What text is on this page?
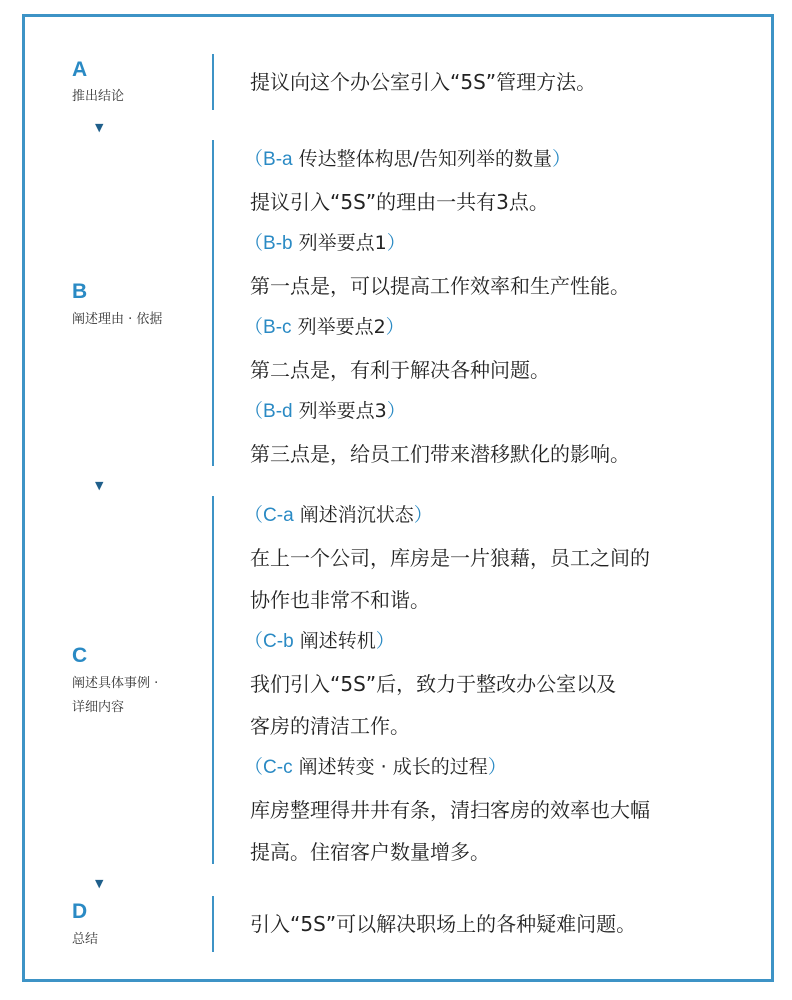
A
推出结论
提议向这个办公室引入“5S”管理方法。
▼
B
阐述理由 · 依据
（B-a 传达整体构思/告知列举的数量）
提议引入“5S”的理由一共有3点。
（B-b 列举要点1）
第一点是，可以提高工作效率和生产性能。
（B-c 列举要点2）
第二点是，有利于解决各种问题。
（B-d 列举要点3）
第三点是，给员工们带来潜移默化的影响。
▼
C
阐述具体事例 ·
详细内容
（C-a 阐述消沉状态）
在上一个公司，库房是一片狼藉，员工之间的
协作也非常不和谐。
（C-b 阐述转机）
我们引入“5S”后，致力于整改办公室以及
客房的清洁工作。
（C-c 阐述转变 · 成长的过程）
库房整理得井井有条，清扫客房的效率也大幅
提高。住宿客户数量增多。
▼
D
总结
引入“5S”可以解决职场上的各种疑难问题。
